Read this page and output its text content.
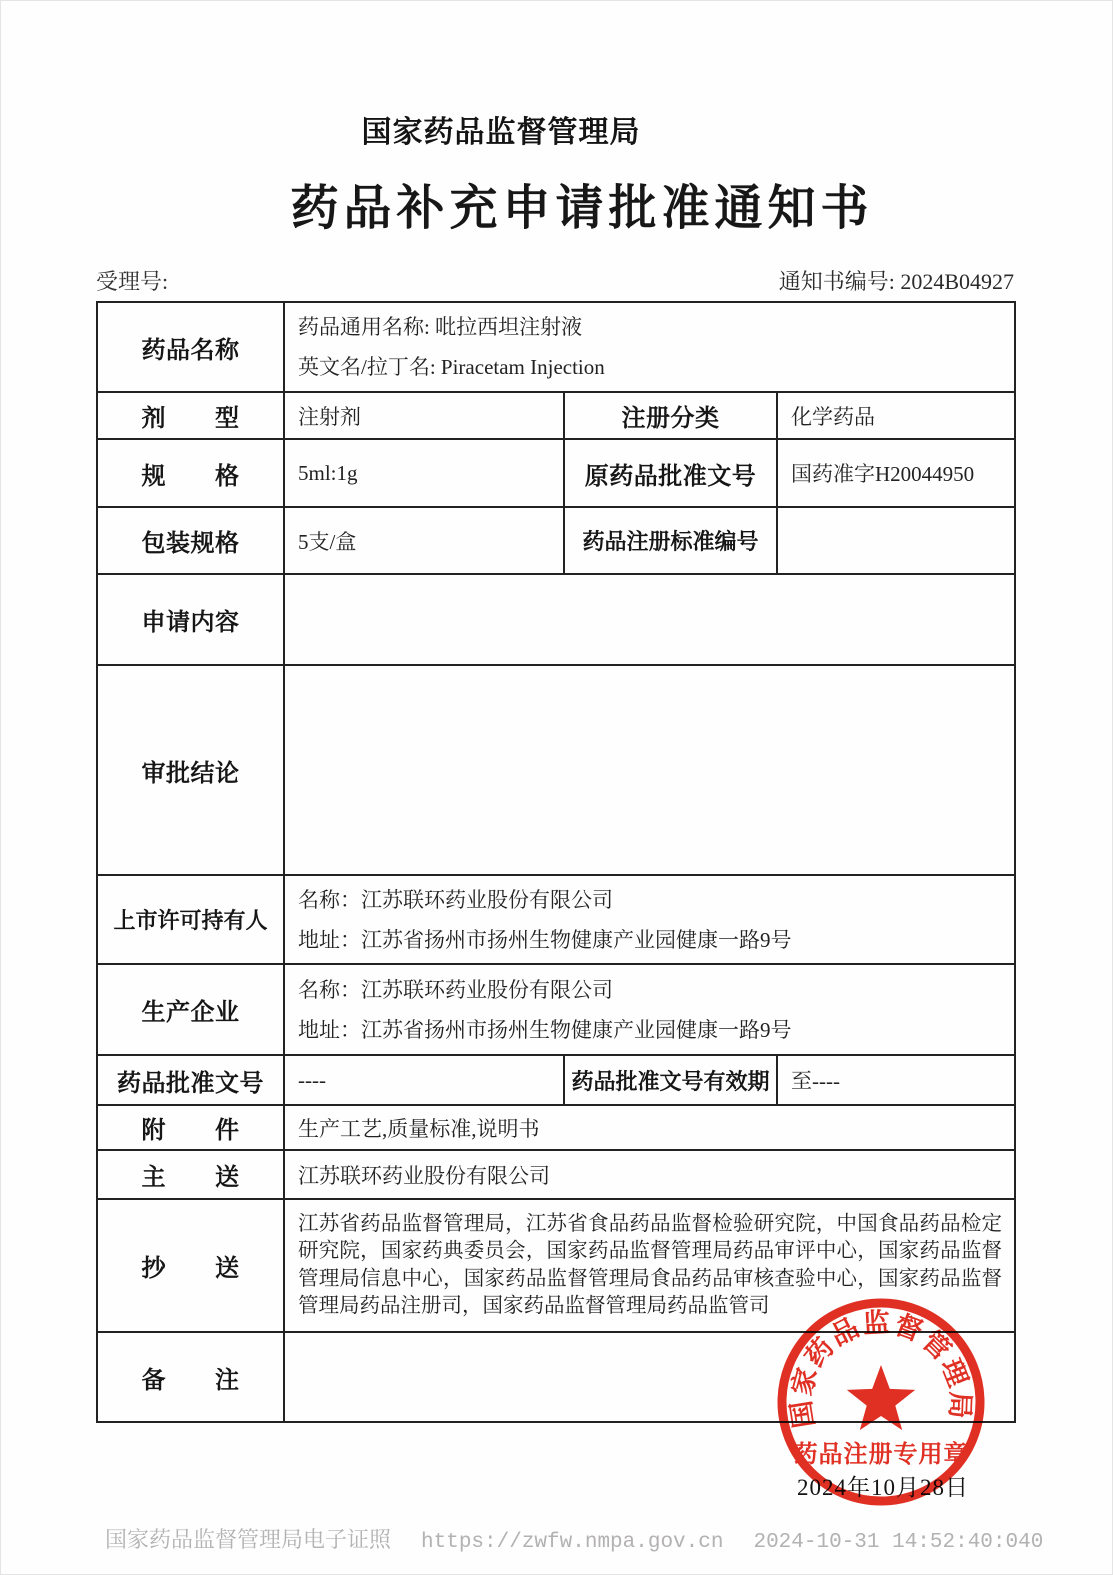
国家药品监督管理局
药品补充申请批准通知书
受理号:	通知书编号: 2024B04927
药品名称	药品通用名称: 吡拉西坦注射液
英文名/拉丁名: Piracetam Injection		

剂　　型	注射剂	注册分类	化学药品
规　　格	5ml:1g	原药品批准文号	国药准字H20044950
包装规格	5支/盒	药品注册标准编号	
申请内容			
审批结论			
上市许可持有人	名称：江苏联环药业股份有限公司
地址：江苏省扬州市扬州生物健康产业园健康一路9号		

生产企业	名称：江苏联环药业股份有限公司
地址：江苏省扬州市扬州生物健康产业园健康一路9号		

药品批准文号	----	药品批准文号有效期	至----
附　　件	生产工艺,质量标准,说明书		
主　　送	江苏联环药业股份有限公司		
抄　　送	江苏省药品监督管理局，江苏省食品药品监督检验研究院，中国食品药品检定研究院，国家药典委员会，国家药品监督管理局药品审评中心，国家药品监督管理局信息中心，国家药品监督管理局食品药品审核查验中心，国家药品监督管理局药品注册司，国家药品监督管理局药品监管司		
备　　注			
2024年10月28日
国家药品监督管理局
药品注册专用章
国家药品监督管理局电子证照 https://zwfw.nmpa.gov.cn 2024-10-31 14:52:40:040
